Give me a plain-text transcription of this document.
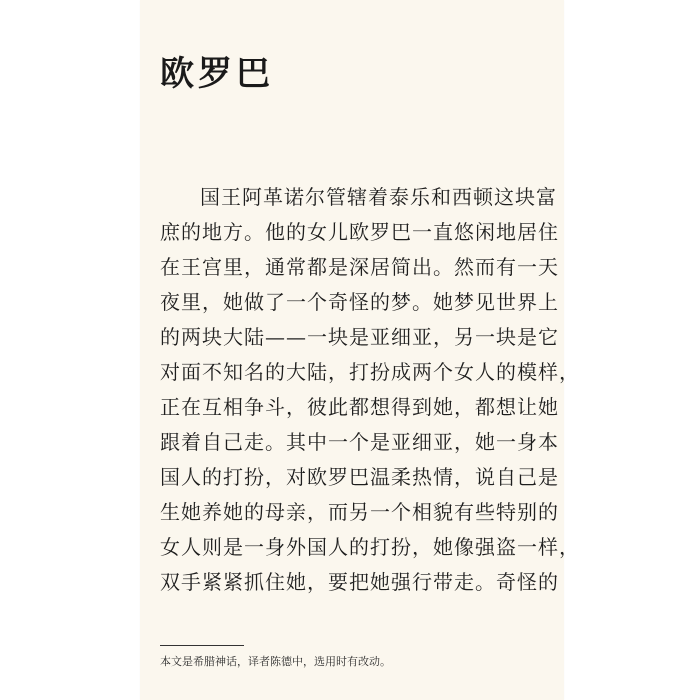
欧罗巴
国王阿革诺尔管辖着泰乐和西顿这块富
庶的地方。他的女儿欧罗巴一直悠闲地居住
在王宫里，通常都是深居简出。然而有一天
夜里，她做了一个奇怪的梦。她梦见世界上
的两块大陆——一块是亚细亚，另一块是它
对面不知名的大陆，打扮成两个女人的模样，
正在互相争斗，彼此都想得到她，都想让她
跟着自己走。其中一个是亚细亚，她一身本
国人的打扮，对欧罗巴温柔热情，说自己是
生她养她的母亲，而另一个相貌有些特别的
女人则是一身外国人的打扮，她像强盗一样，
双手紧紧抓住她，要把她强行带走。奇怪的

本文是希腊神话，译者陈德中，选用时有改动。
